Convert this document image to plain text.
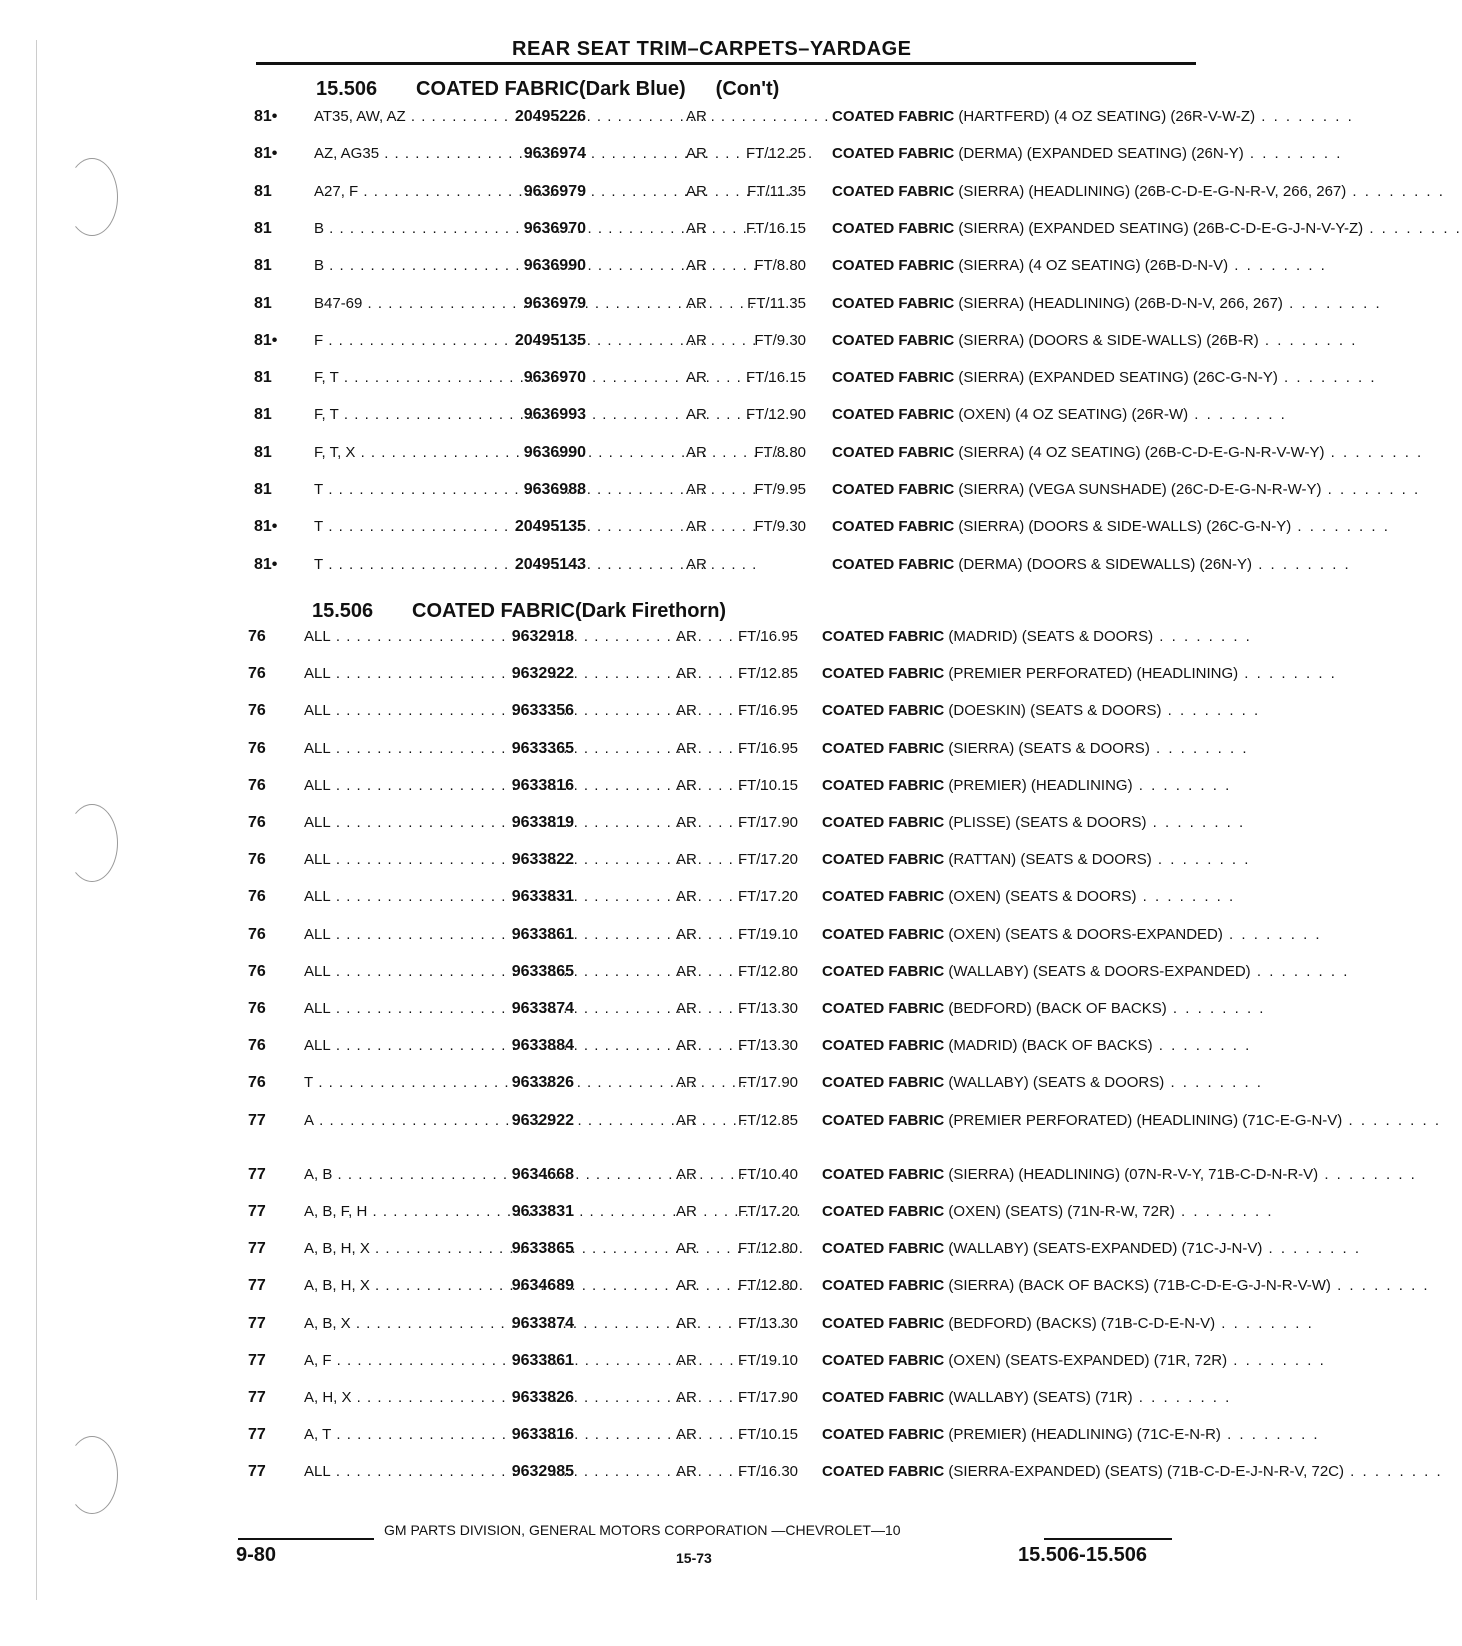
REAR SEAT TRIM–CARPETS–YARDAGE
15.506 COATED FABRIC(Dark Blue) (Con't)
81• AT35, AW, AZ . . .	20495226	AR	COATED FABRIC (HARTFERD) (4 OZ SEATING) (26R-V-W-Z) . . . . . . . .
81• AZ, AG35 . . .	9636974	AR	FT/12.25 COATED FABRIC (DERMA) (EXPANDED SEATING) (26N-Y) . . . . . . . .
81	A27, F . . .	9636979	AR	FT/11.35 COATED FABRIC (SIERRA) (HEADLINING) (26B-C-D-E-G-N-R-V, 266, 267) . . . . . . . .
81	B . . .	9636970	AR	FT/16.15 COATED FABRIC (SIERRA) (EXPANDED SEATING) (26B-C-D-E-G-J-N-V-Y-Z) . . . . . . . .
81	B . . .	9636990	AR	FT/8.80 COATED FABRIC (SIERRA) (4 OZ SEATING) (26B-D-N-V) . . . . . . . .
81	B47-69 . . .	9636979	AR	FT/11.35 COATED FABRIC (SIERRA) (HEADLINING) (26B-D-N-V, 266, 267) . . . . . . . .
81• F . . .	20495135	AR	FT/9.30 COATED FABRIC (SIERRA) (DOORS & SIDE-WALLS) (26B-R) . . . . . . . .
81	F, T . . .	9636970	AR	FT/16.15 COATED FABRIC (SIERRA) (EXPANDED SEATING) (26C-G-N-Y) . . . . . . . .
81	F, T . . .	9636993	AR	FT/12.90 COATED FABRIC (OXEN) (4 OZ SEATING) (26R-W) . . . . . . . .
81	F, T, X . . .	9636990	AR	FT/8.80 COATED FABRIC (SIERRA) (4 OZ SEATING) (26B-C-D-E-G-N-R-V-W-Y) . . . . . . . .
81	T . . .	9636988	AR	FT/9.95 COATED FABRIC (SIERRA) (VEGA SUNSHADE) (26C-D-E-G-N-R-W-Y) . . . . . . . .
81• T . . .	20495135	AR	FT/9.30 COATED FABRIC (SIERRA) (DOORS & SIDE-WALLS) (26C-G-N-Y) . . . . . . . .
81• T . . .	20495143	AR	COATED FABRIC (DERMA) (DOORS & SIDEWALLS) (26N-Y) . . . . . . . .
15.506 COATED FABRIC(Dark Firethorn)
76	ALL . . .	9632918	AR	FT/16.95 COATED FABRIC (MADRID) (SEATS & DOORS) . . . . . . . .
76	ALL . . .	9632922	AR	FT/12.85 COATED FABRIC (PREMIER PERFORATED) (HEADLINING) . . . . . . . .
76	ALL . . .	9633356	AR	FT/16.95 COATED FABRIC (DOESKIN) (SEATS & DOORS) . . . . . . . .
76	ALL . . .	9633365	AR	FT/16.95 COATED FABRIC (SIERRA) (SEATS & DOORS) . . . . . . . .
76	ALL . . .	9633816	AR	FT/10.15 COATED FABRIC (PREMIER) (HEADLINING) . . . . . . . .
76	ALL . . .	9633819	AR	FT/17.90 COATED FABRIC (PLISSE) (SEATS & DOORS) . . . . . . . .
76	ALL . . .	9633822	AR	FT/17.20 COATED FABRIC (RATTAN) (SEATS & DOORS) . . . . . . . .
76	ALL . . .	9633831	AR	FT/17.20 COATED FABRIC (OXEN) (SEATS & DOORS) . . . . . . . .
76	ALL . . .	9633861	AR	FT/19.10 COATED FABRIC (OXEN) (SEATS & DOORS-EXPANDED) . . . . . . . .
76	ALL . . .	9633865	AR	FT/12.80 COATED FABRIC (WALLABY) (SEATS & DOORS-EXPANDED) . . . . . . . .
76	ALL . . .	9633874	AR	FT/13.30 COATED FABRIC (BEDFORD) (BACK OF BACKS) . . . . . . . .
76	ALL . . .	9633884	AR	FT/13.30 COATED FABRIC (MADRID) (BACK OF BACKS) . . . . . . . .
76	T . . .	9633826	AR	FT/17.90 COATED FABRIC (WALLABY) (SEATS & DOORS) . . . . . . . .
77	A . . .	9632922	AR	FT/12.85 COATED FABRIC (PREMIER PERFORATED) (HEADLINING) (71C-E-G-N-V) . . . . . . . .
77	A, B . . .	9634668	AR	FT/10.40 COATED FABRIC (SIERRA) (HEADLINING) (07N-R-V-Y, 71B-C-D-N-R-V) . . . . . . . .
77	A, B, F, H . . .	9633831	AR	FT/17.20 COATED FABRIC (OXEN) (SEATS) (71N-R-W, 72R) . . . . . . . .
77	A, B, H, X . . .	9633865	AR	FT/12.80 COATED FABRIC (WALLABY) (SEATS-EXPANDED) (71C-J-N-V) . . . . . . . .
77	A, B, H, X . . .	9634689	AR	FT/12.80 COATED FABRIC (SIERRA) (BACK OF BACKS) (71B-C-D-E-G-J-N-R-V-W) . . . . . . . .
77	A, B, X . . .	9633874	AR	FT/13.30 COATED FABRIC (BEDFORD) (BACKS) (71B-C-D-E-N-V) . . . . . . . .
77	A, F . . .	9633861	AR	FT/19.10 COATED FABRIC (OXEN) (SEATS-EXPANDED) (71R, 72R) . . . . . . . .
77	A, H, X . . .	9633826	AR	FT/17.90 COATED FABRIC (WALLABY) (SEATS) (71R) . . . . . . . .
77	A, T . . .	9633816	AR	FT/10.15 COATED FABRIC (PREMIER) (HEADLINING) (71C-E-N-R) . . . . . . . .
77	ALL . . .	9632985	AR	FT/16.30 COATED FABRIC (SIERRA-EXPANDED) (SEATS) (71B-C-D-E-J-N-R-V, 72C) . . . . . . . .
GM PARTS DIVISION, GENERAL MOTORS CORPORATION —CHEVROLET—10
9-80	15-73	15.506-15.506
